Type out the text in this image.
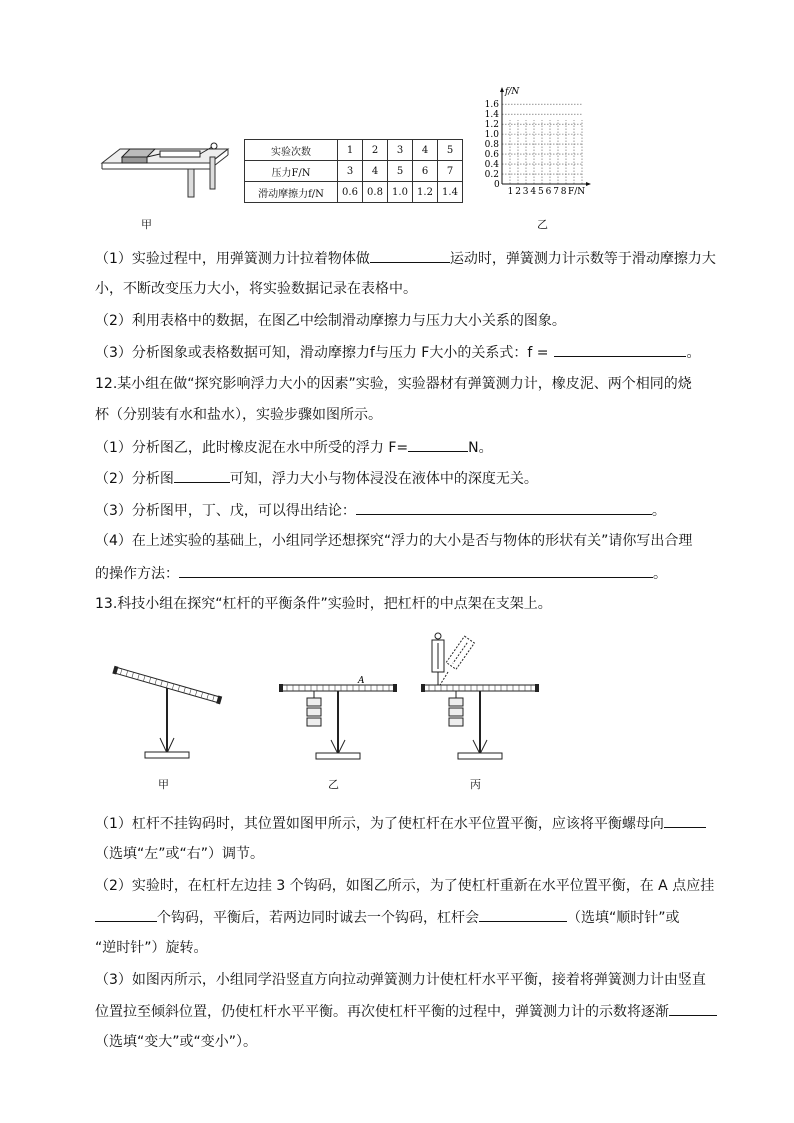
甲
实验次数	1	2	3	4	5
压力F/N	3	4	5	6	7
滑动摩擦力f/N	0.6	0.8	1.0	1.2	1.4
f/N
F/N
0
0.2
0.4
0.6
0.8
1.0
1.2
1.4
1.6
1 2 3 4 5 6 7 8
乙
（1）实验过程中，用弹簧测力计拉着物体做	运动时，弹簧测力计示数等于滑动摩擦力大
小，不断改变压力大小，将实验数据记录在表格中。
（2）利用表格中的数据，在图乙中绘制滑动摩擦力与压力大小关系的图象。
（3）分析图象或表格数据可知，滑动摩擦力f与压力 F大小的关系式：f =	。
12.某小组在做“探究影响浮力大小的因素”实验，实验器材有弹簧测力计，橡皮泥、两个相同的烧
杯（分别装有水和盐水），实验步骤如图所示。
（1）分析图乙，此时橡皮泥在水中所受的浮力 F=	N。
（2）分析图	可知，浮力大小与物体浸没在液体中的深度无关。
（3）分析图甲，丁、戊，可以得出结论：	。
（4）在上述实验的基础上，小组同学还想探究“浮力的大小是否与物体的形状有关”请你写出合理
的操作方法：	。
13.科技小组在探究“杠杆的平衡条件”实验时，把杠杆的中点架在支架上。
甲
A
乙	丙
（1）杠杆不挂钩码时，其位置如图甲所示，为了使杠杆在水平位置平衡，应该将平衡螺母向
（选填“左”或“右”）调节。
（2）实验时，在杠杆左边挂 3 个钩码，如图乙所示，为了使杠杆重新在水平位置平衡，在 A 点应挂
个钩码，平衡后，若两边同时诚去一个钩码，杠杆会	（选填“顺时针”或
“逆时针”）旋转。
（3）如图丙所示，小组同学沿竖直方向拉动弹簧测力计使杠杆水平平衡，接着将弹簧测力计由竖直
位置拉至倾斜位置，仍使杠杆水平平衡。再次使杠杆平衡的过程中，弹簧测力计的示数将逐渐
（选填“变大”或“变小”）。
